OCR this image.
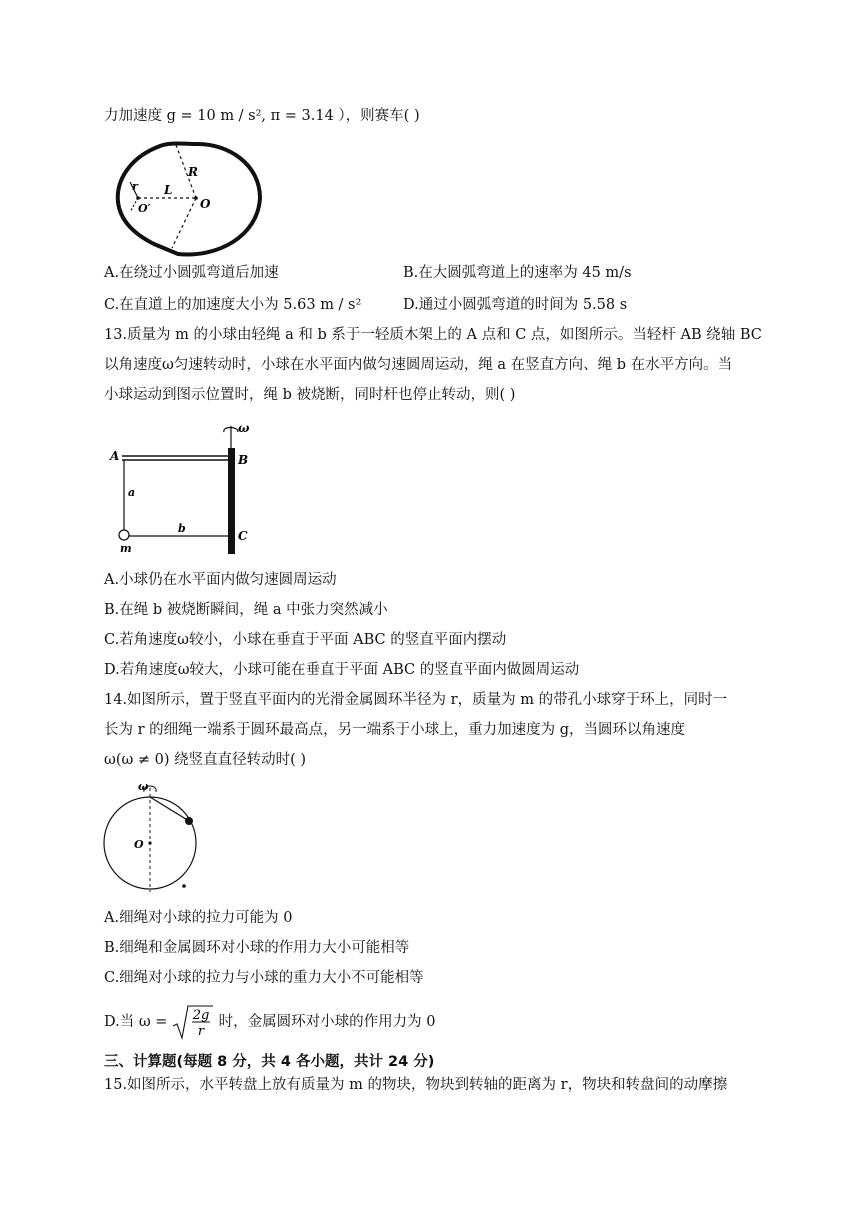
力加速度 g = 10 m / s², π = 3.14 ），则赛车( )
R
r L
O′	O
A.在绕过小圆弧弯道后加速	B.在大圆弧弯道上的速率为 45 m/s
C.在直道上的加速度大小为 5.63 m / s²	D.通过小圆弧弯道的时间为 5.58 s
13.质量为 m 的小球由轻绳 a 和 b 系于一轻质木架上的 A 点和 C 点，如图所示。当轻杆 AB 绕轴 BC
以角速度ω匀速转动时，小球在水平面内做匀速圆周运动，绳 a 在竖直方向、绳 b 在水平方向。当
小球运动到图示位置时，绳 b 被烧断，同时杆也停止转动，则( )
ω
A	B
C
a
b
m
A.小球仍在水平面内做匀速圆周运动
B.在绳 b 被烧断瞬间，绳 a 中张力突然减小
C.若角速度ω较小，小球在垂直于平面 ABC 的竖直平面内摆动
D.若角速度ω较大，小球可能在垂直于平面 ABC 的竖直平面内做圆周运动
14.如图所示，置于竖直平面内的光滑金属圆环半径为 r，质量为 m 的带孔小球穿于环上，同时一
长为 r 的细绳一端系于圆环最高点，另一端系于小球上，重力加速度为 g，当圆环以角速度
ω(ω ≠ 0) 绕竖直直径转动时( )
ω
O
A.细绳对小球的拉力可能为 0
B.细绳和金属圆环对小球的作用力大小可能相等
C.细绳对小球的拉力与小球的重力大小不可能相等
D.当 ω = 2g
r
时，金属圆环对小球的作用力为 0
三、计算题(每题 8 分，共 4 各小题，共计 24 分)
15.如图所示，水平转盘上放有质量为 m 的物块，物块到转轴的距离为 r，物块和转盘间的动摩擦
